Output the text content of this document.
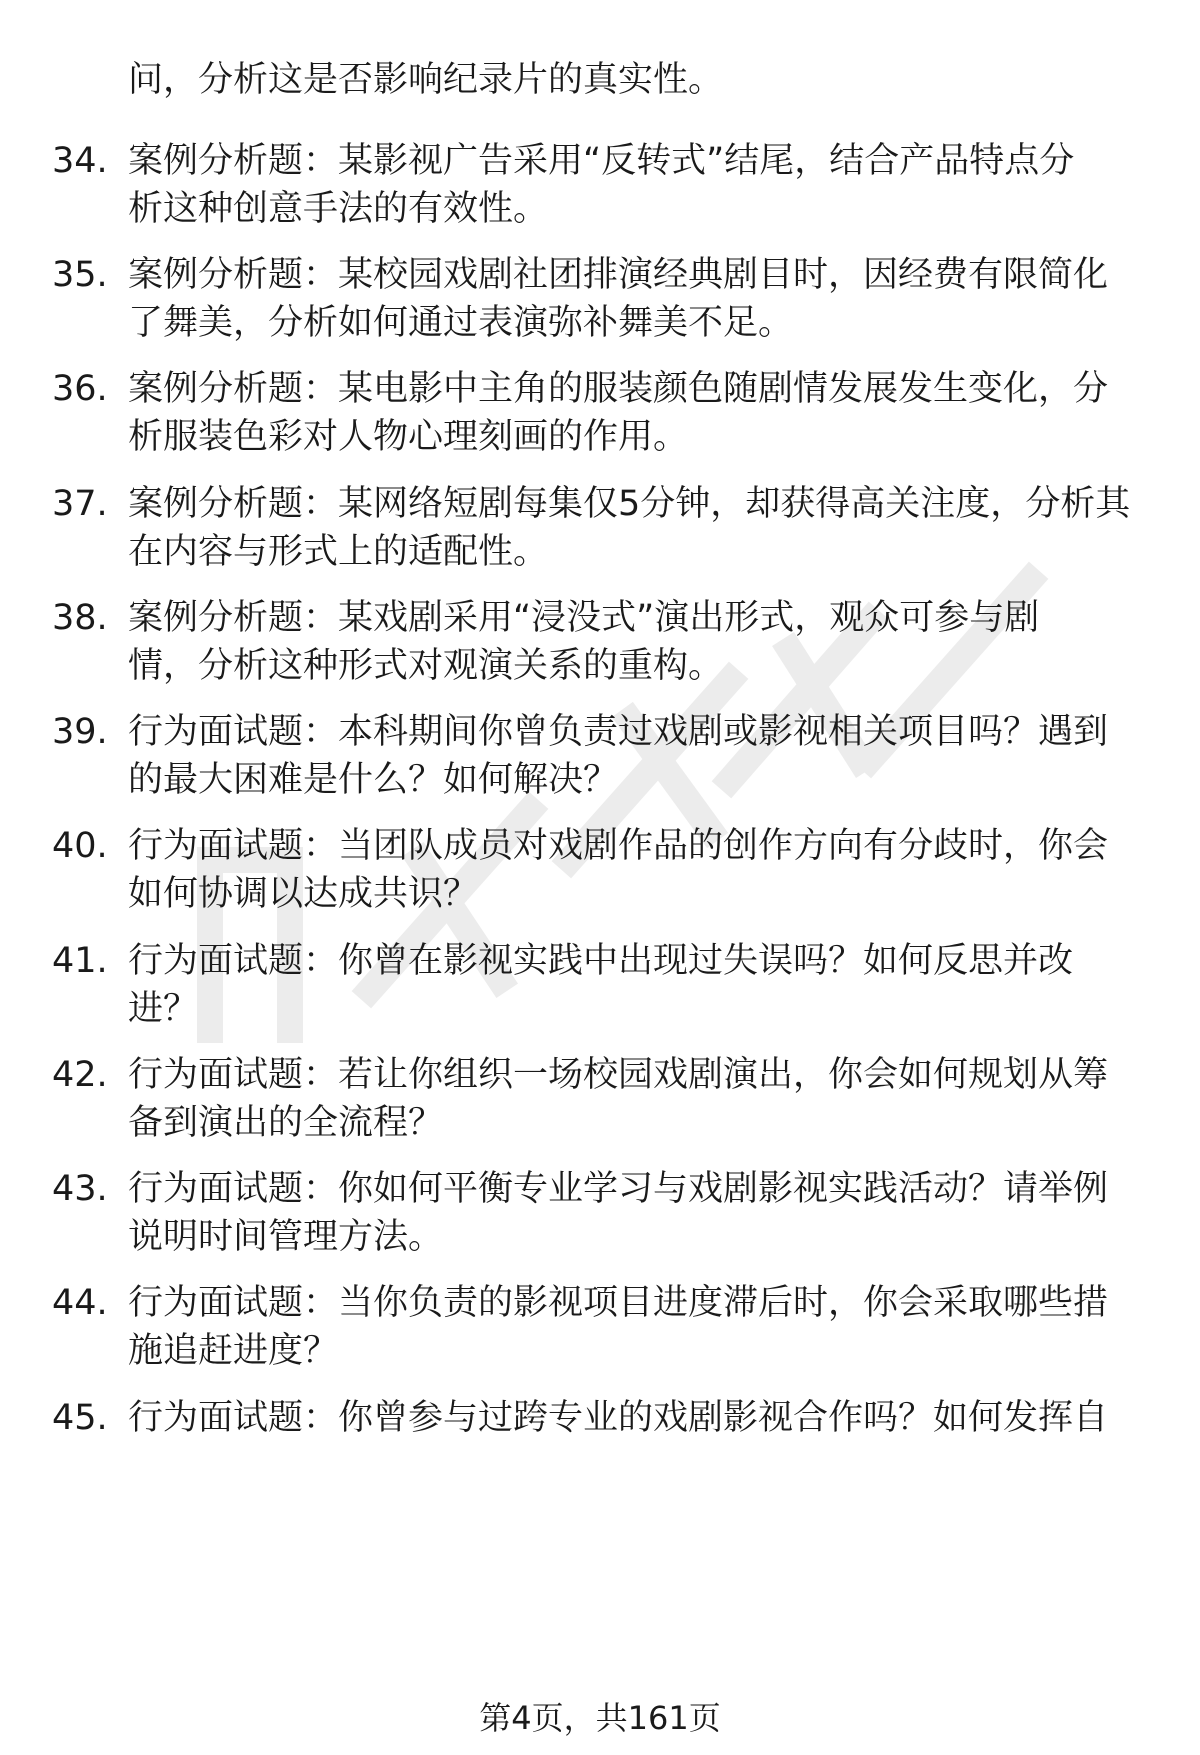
问，分析这是否影响纪录片的真实性。

34. 案例分析题：某影视广告采用“反转式”结尾，结合产品特点分
析这种创意手法的有效性。
35. 案例分析题：某校园戏剧社团排演经典剧目时，因经费有限简化
了舞美，分析如何通过表演弥补舞美不足。
36. 案例分析题：某电影中主角的服装颜色随剧情发展发生变化，分
析服装色彩对人物心理刻画的作用。
37. 案例分析题：某网络短剧每集仅5分钟，却获得高关注度，分析其
在内容与形式上的适配性。
38. 案例分析题：某戏剧采用“浸没式”演出形式，观众可参与剧
情，分析这种形式对观演关系的重构。
39. 行为面试题：本科期间你曾负责过戏剧或影视相关项目吗？遇到
的最大困难是什么？如何解决？
40. 行为面试题：当团队成员对戏剧作品的创作方向有分歧时，你会
如何协调以达成共识？
41. 行为面试题：你曾在影视实践中出现过失误吗？如何反思并改
进？
42. 行为面试题：若让你组织一场校园戏剧演出，你会如何规划从筹
备到演出的全流程？
43. 行为面试题：你如何平衡专业学习与戏剧影视实践活动？请举例
说明时间管理方法。
44. 行为面试题：当你负责的影视项目进度滞后时，你会采取哪些措
施追赶进度？
45. 行为面试题：你曾参与过跨专业的戏剧影视合作吗？如何发挥自
第4页，共161页
